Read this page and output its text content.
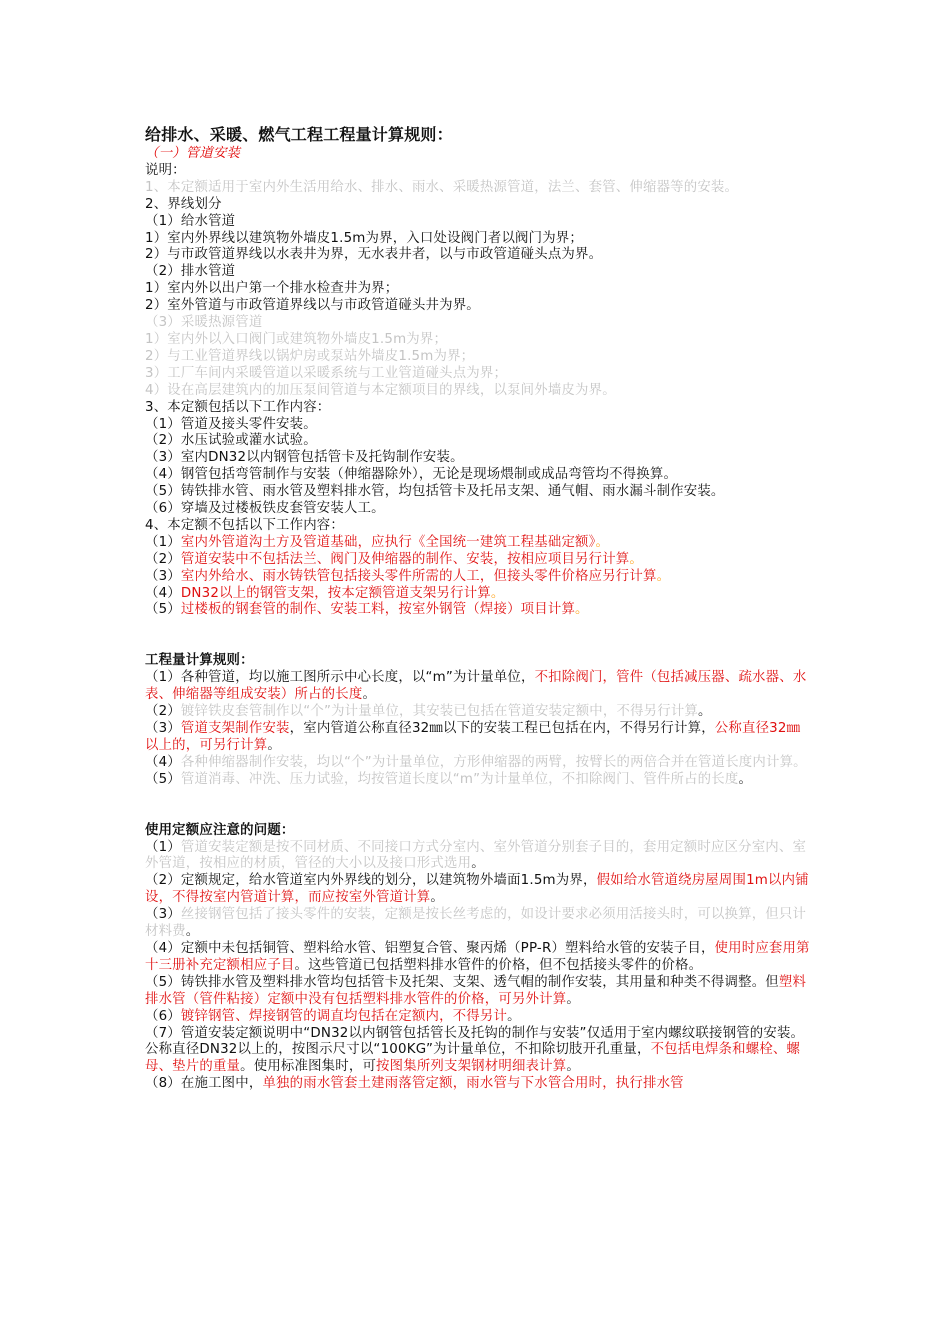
给排水、采暖、燃气工程工程量计算规则：

（一）管道安装

说明：

1、本定额适用于室内外生活用给水、排水、雨水、采暖热源管道，法兰、套管、伸缩器等的安装。

2、界线划分

（1）给水管道

1）室内外界线以建筑物外墙皮1.5m为界，入口处设阀门者以阀门为界；

2）与市政管道界线以水表井为界，无水表井者，以与市政管道碰头点为界。

（2）排水管道

1）室内外以出户第一个排水检查井为界；

2）室外管道与市政管道界线以与市政管道碰头井为界。

（3）采暖热源管道

1）室内外以入口阀门或建筑物外墙皮1.5m为界；

2）与工业管道界线以锅炉房或泵站外墙皮1.5m为界；

3）工厂车间内采暖管道以采暖系统与工业管道碰头点为界；

4）设在高层建筑内的加压泵间管道与本定额项目的界线，以泵间外墙皮为界。

3、本定额包括以下工作内容：

（1）管道及接头零件安装。

（2）水压试验或灌水试验。

（3）室内DN32以内钢管包括管卡及托钩制作安装。

（4）钢管包括弯管制作与安装（伸缩器除外），无论是现场煨制或成品弯管均不得换算。

（5）铸铁排水管、雨水管及塑料排水管，均包括管卡及托吊支架、通气帽、雨水漏斗制作安装。

（6）穿墙及过楼板铁皮套管安装人工。

4、本定额不包括以下工作内容：

（1）室内外管道沟土方及管道基础，应执行《全国统一建筑工程基础定额》。

（2）管道安装中不包括法兰、阀门及伸缩器的制作、安装，按相应项目另行计算。

（3）室内外给水、雨水铸铁管包括接头零件所需的人工，但接头零件价格应另行计算。

（4）DN32以上的钢管支架，按本定额管道支架另行计算。

（5）过楼板的钢套管的制作、安装工料，按室外钢管（焊接）项目计算。

工程量计算规则：

（1）各种管道，均以施工图所示中心长度，以“m”为计量单位，不扣除阀门，管件（包括减压器、疏水器、水表、伸缩器等组成安装）所占的长度。

（2）镀锌铁皮套管制作以“个”为计量单位，其安装已包括在管道安装定额中，不得另行计算。

（3）管道支架制作安装，室内管道公称直径32㎜以下的安装工程已包括在内，不得另行计算，公称直径32㎜以上的，可另行计算。

（4）各种伸缩器制作安装，均以“个”为计量单位，方形伸缩器的两臂，按臂长的两倍合并在管道长度内计算。

（5）管道消毒、冲洗、压力试验，均按管道长度以“m”为计量单位，不扣除阀门、管件所占的长度。

使用定额应注意的问题：

（1）管道安装定额是按不同材质、不同接口方式分室内、室外管道分别套子目的，套用定额时应区分室内、室外管道，按相应的材质，管径的大小以及接口形式选用。

（2）定额规定，给水管道室内外界线的划分，以建筑物外墙面1.5m为界，假如给水管道绕房屋周围1m以内铺设，不得按室内管道计算，而应按室外管道计算。

（3）丝接钢管包括了接头零件的安装，定额是按长丝考虑的，如设计要求必须用活接头时，可以换算，但只计材料费。

（4）定额中未包括铜管、塑料给水管、铝塑复合管、聚丙烯（PP-R）塑料给水管的安装子目，使用时应套用第十三册补充定额相应子目。这些管道已包括塑料排水管件的价格，但不包括接头零件的价格。

（5）铸铁排水管及塑料排水管均包括管卡及托架、支架、透气帽的制作安装，其用量和种类不得调整。但塑料排水管（管件粘接）定额中没有包括塑料排水管件的价格，可另外计算。

（6）镀锌钢管、焊接钢管的调直均包括在定额内，不得另计。

（7）管道安装定额说明中“DN32以内钢管包括管长及托钩的制作与安装”仅适用于室内螺纹联接钢管的安装。公称直径DN32以上的，按图示尺寸以“100KG”为计量单位，不扣除切肢开孔重量，不包括电焊条和螺栓、螺母、垫片的重量。使用标准图集时，可按图集所列支架钢材明细表计算。

（8）在施工图中，单独的雨水管套土建雨落管定额，雨水管与下水管合用时，执行排水管
